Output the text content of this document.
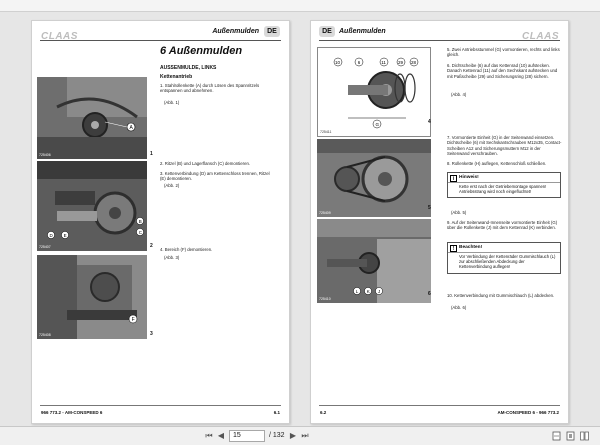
CLAAS	Außenmulden	DE
6 Außenmulden
AUSSENMULDE, LINKS
Kettenantrieb
1. Stahlrollenkette (A) durch Lösen des Spannritzels entspannen und abnehmen.
(Abb. 1)
2. Ritzel (B) und Lagerflansch (C) demontieren.
3. Kettenverbindung (D) am Kettenschloss trennen, Ritzel (E) demontieren.
4. Bereich (F) demontieren.
(Abb. 3)
A
725406	1
B
C
D E
725407	2
(Abb. 2)
F
725408	3
966 773.2 - AM-CONSPEED 6	6.1
DE	Außenmulden	CLAAS
10	6	11	29 28
G
725411
4
5. Zwei Antriebsstummel (G) vormontieren, rechts und links gleich.
6. Dichtscheibe (6) auf das Kettenrad (10) aufstecken. Danach Kettenrad (11) auf den Sechskant aufstecken und mit Paßscheibe (29) und Sicherungsring (28) sichern.
(Abb. 4)
725409
5
7. Vormontierte Einheit (G) in der Seitenwand einsetzen. Dichtscheibe (6) mit Sechskantschrauben M12x35, Contact-Scheiben A12 und Sicherungsmuttern M12 in der Seitenwand verschrauben.
8. Rollenkette (H) auflegen, Kettenschloß schließen.
i	Hinweis!
Kette erst nach der Getriebemontage spannen! Antriebsstrang wird noch eingefluchtet!
(Abb. 5)
9. Auf der Seitenwand-Innenseite vormontierte Einheit (G) über die Rollenkette (J) mit dem Kettenrad (K) verbinden.
! Beachten!
Vor Verbindung der Kettenräder Gummischlauch (L) zur abschließenden Abdeckung der Kettenverbindung auflegen!
L K J
725410
6	10. Kettenverbindung mit Gummischlauch (L) abdecken.
(Abb. 6)
6.2	AM-CONSPEED 6 - 966 773.2
⏮ ◀	15	/ 132 ▶ ⏭
